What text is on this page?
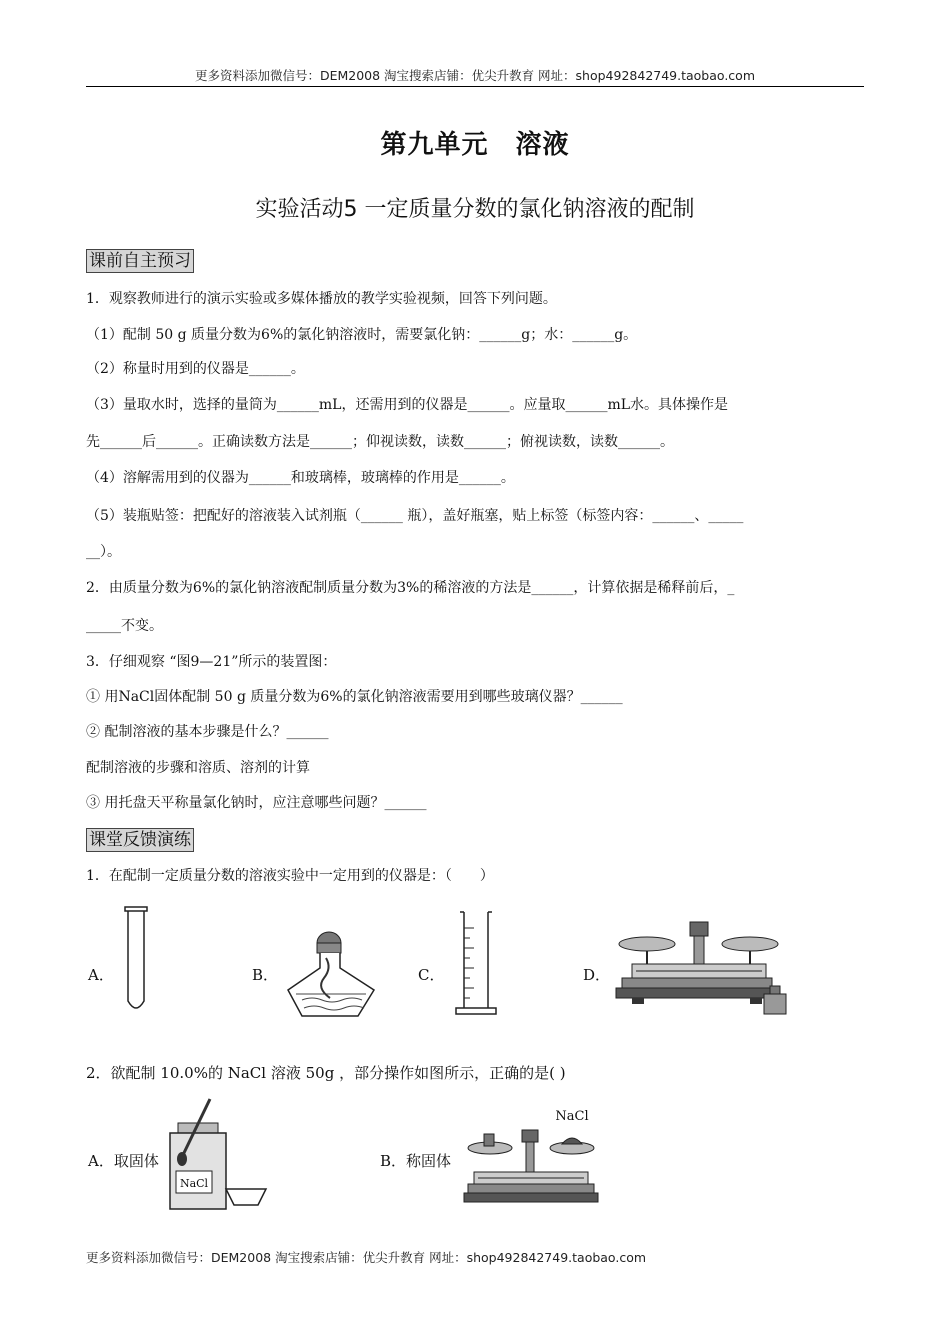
更多资料添加微信号：DEM2008 淘宝搜索店铺：优尖升教育 网址：shop492842749.taobao.com
第九单元　溶液
实验活动5 一定质量分数的氯化钠溶液的配制
课前自主预习
1．观察教师进行的演示实验或多媒体播放的教学实验视频，回答下列问题。
（1）配制 50 g 质量分数为6%的氯化钠溶液时，需要氯化钠：______g；水：______g。
（2）称量时用到的仪器是______。
（3）量取水时，选择的量筒为______mL，还需用到的仪器是______。应量取______mL水。具体操作是
先______后______。正确读数方法是______；仰视读数，读数______；俯视读数，读数______。
（4）溶解需用到的仪器为______和玻璃棒，玻璃棒的作用是______。
（5）装瓶贴签：把配好的溶液装入试剂瓶（______ 瓶），盖好瓶塞，贴上标签（标签内容：______、_____
__）。
2．由质量分数为6%的氯化钠溶液配制质量分数为3%的稀溶液的方法是______，计算依据是稀释前后，_
_____不变。
3．仔细观察 “图9—21”所示的装置图：
① 用NaCl固体配制 50 g 质量分数为6%的氯化钠溶液需要用到哪些玻璃仪器？______
② 配制溶液的基本步骤是什么？______
配制溶液的步骤和溶质、溶剂的计算
③ 用托盘天平称量氯化钠时，应注意哪些问题？______
课堂反馈演练
1．在配制一定质量分数的溶液实验中一定用到的仪器是：（　　）
A．	B．	C．	D．
2．欲配制 10.0%的 NaCl 溶液 50g ，部分操作如图所示，正确的是( )
A．取固体
NaCl
B．称固体
NaCl
更多资料添加微信号：DEM2008 淘宝搜索店铺：优尖升教育 网址：shop492842749.taobao.com
